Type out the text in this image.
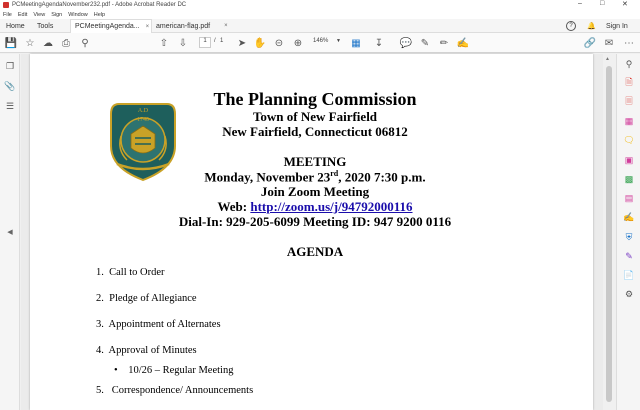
PCMeetingAgendaNovember232.pdf - Adobe Acrobat Reader DC	–	□	✕
File Edit View Sign Window Help
Home Tools	PCMeetingAgenda... × american-flag.pdf ×	?	🔔 Sign In
💾 ☆ ☁ ⎙	⚲	⇧ ⇩	1	/ 1 ➤ ✋ ⊝ ⊕	146%	▼ ▦ ↧ 💬 ✎ ✏ ✍	🔗 ✉ ⋯
❐
📎
☰
◀
▲
A.D
1740
The Planning Commission
Town of New Fairfield
New Fairfield, Connecticut 06812
MEETING
Monday, November 23rd, 2020 7:30 p.m.
Join Zoom Meeting
Web: http://zoom.us/j/94792000116
Dial-In: 929-205-6099 Meeting ID: 947 9200 0116
AGENDA
1. Call to Order
2. Pledge of Allegiance
3. Appointment of Alternates
4. Approval of Minutes
• 10/26 – Regular Meeting
5. Correspondence/ Announcements
⚲
🗎
🗏
▦
🗨
▣
▩
▤
✍
⛨
✎
📄
⚙
